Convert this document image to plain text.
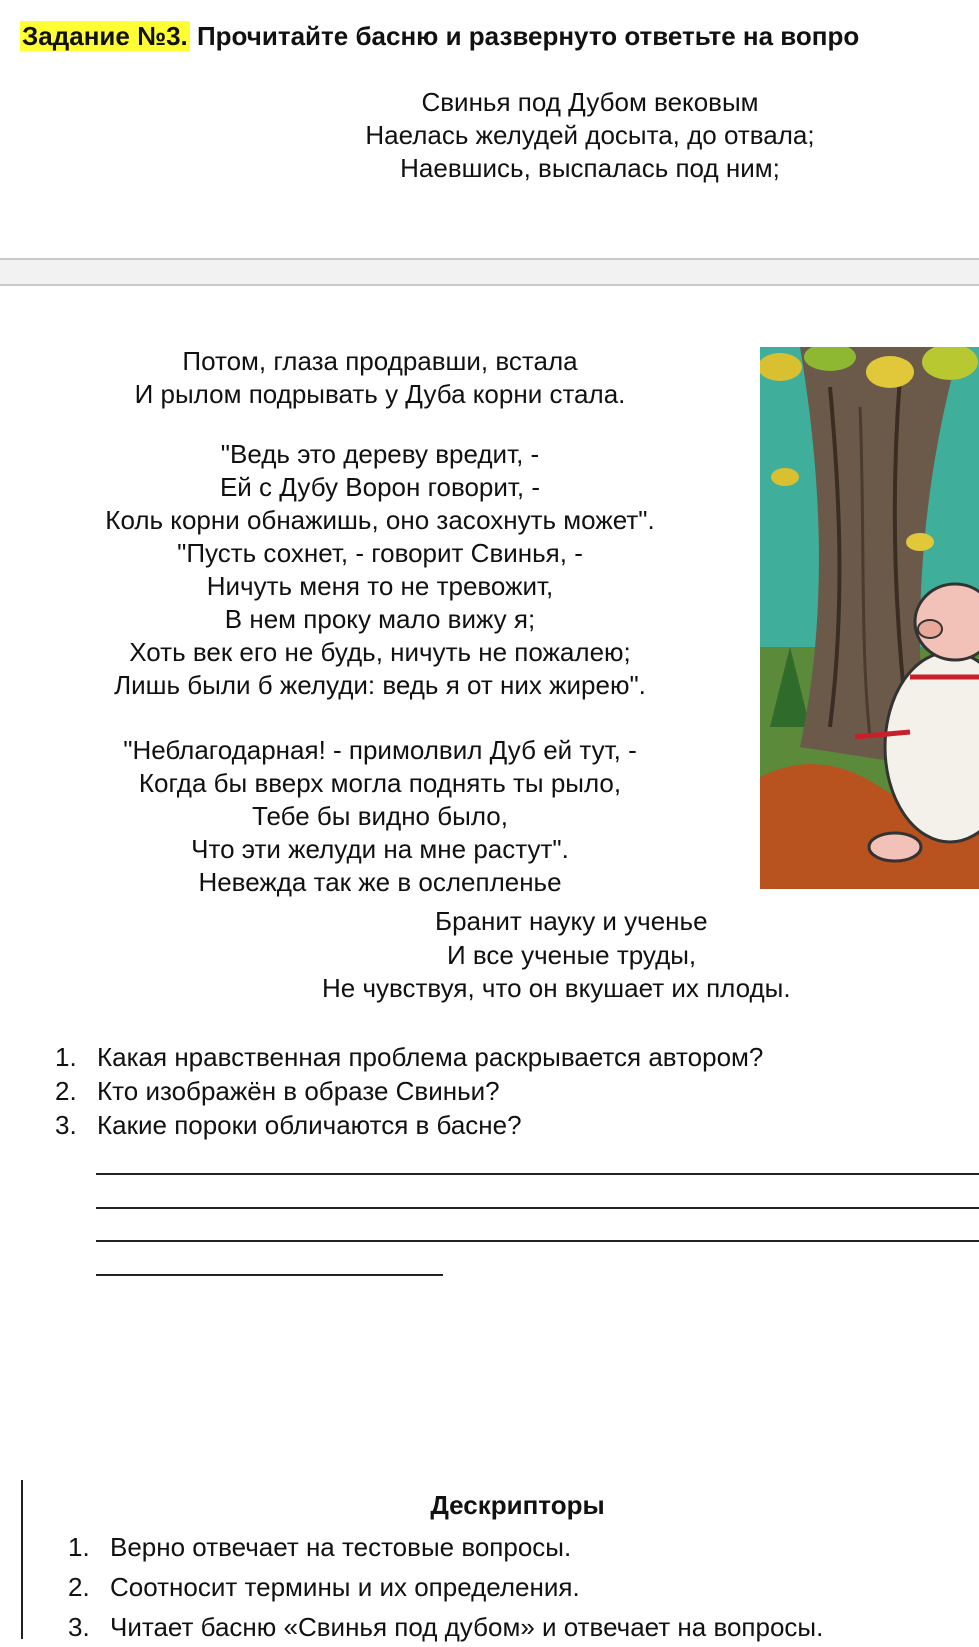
Задание №3. Прочитайте басню и развернуто ответьте на вопро
Свинья под Дубом вековым
Наелась желудей досыта, до отвала;
Наевшись, выспалась под ним;
Потом, глаза продравши, встала
И рылом подрывать у Дуба корни стала.
"Ведь это дереву вредит, -
Ей с Дубу Ворон говорит, -
Коль корни обнажишь, оно засохнуть может".
"Пусть сохнет, - говорит Свинья, -
Ничуть меня то не тревожит,
В нем проку мало вижу я;
Хоть век его не будь, ничуть не пожалею;
Лишь были б желуди: ведь я от них жирею".
"Неблагодарная! - примолвил Дуб ей тут, -
Когда бы вверх могла поднять ты рыло,
Тебе бы видно было,
Что эти желуди на мне растут".
Невежда так же в ослепленье
Бранит науку и ученье
И все ученые труды,
Не чувствуя, что он вкушает их плоды.
1. Какая нравственная проблема раскрывается автором?
2. Кто изображён в образе Свиньи?
3. Какие пороки обличаются в басне?
Дескрипторы
1. Верно отвечает на тестовые вопросы.
2. Соотносит термины и их определения.
3. Читает басню «Свинья под дубом» и отвечает на вопросы.
